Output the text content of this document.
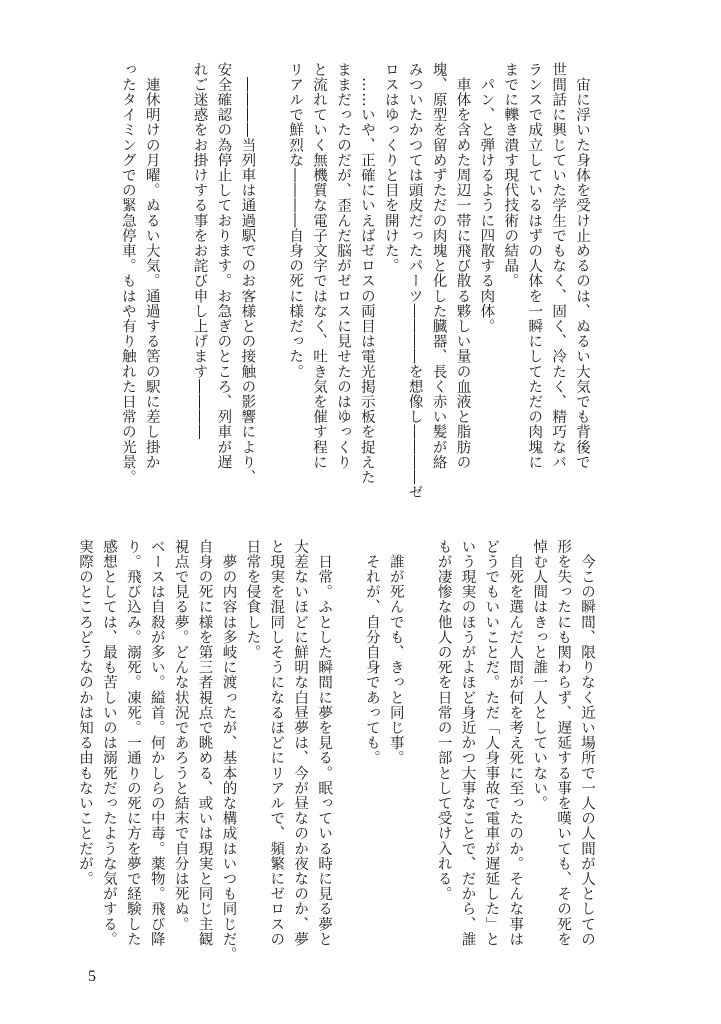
　宙に浮いた身体を受け止めるのは、ぬるい大気でも背後で
世間話に興じていた学生でもなく、固く、冷たく、精巧なバ
ランスで成立しているはずの人体を一瞬にしてただの肉塊に
までに轢き潰す現代技術の結晶。
　パン、と弾けるように四散する肉体。
　車体を含めた周辺一帯に飛び散る夥しい量の血液と脂肪の
塊、原型を留めずただの肉塊と化した臓器、長く赤い髪が絡
みついたかつては頭皮だったパーツ――――を想像し――――ゼ
ロスはゆっくりと目を開けた。
　……いや、正確にいえばゼロスの両目は電光掲示板を捉えた
ままだったのだが、歪んだ脳がゼロスに見せたのはゆっくり
と流れていく無機質な電子文字ではなく、吐き気を催す程に
リアルで鮮烈な――――自身の死に様だった。

　――――当列車は通過駅でのお客様との接触の影響により、
安全確認の為停止しております。お急ぎのところ、列車が遅
れご迷惑をお掛けする事をお詫び申し上げます――――

　連休明けの月曜。ぬるい大気。通過する筈の駅に差し掛か
ったタイミングでの緊急停車。もはや有り触れた日常の光景。
　今この瞬間、限りなく近い場所で一人の人間が人としての
形を失ったにも関わらず、遅延する事を嘆いても、その死を
悼む人間はきっと誰一人としていない。
　自死を選んだ人間が何を考え死に至ったのか。そんな事は
どうでもいいことだ。ただ「人身事故で電車が遅延した」と
いう現実のほうがよほど身近かつ大事なことで、だから、誰
もが凄惨な他人の死を日常の一部として受け入れる。

　誰が死んでも、きっと同じ事。
　それが、自分自身であっても。

　日常。ふとした瞬間に夢を見る。眠っている時に見る夢と
大差ないほどに鮮明な白昼夢は、今が昼なのか夜なのか、夢
と現実を混同しそうになるほどにリアルで、頻繁にゼロスの
日常を侵食した。
　夢の内容は多岐に渡ったが、基本的な構成はいつも同じだ。
自身の死に様を第三者視点で眺める、或いは現実と同じ主観
視点で見る夢。どんな状況であろうと結末で自分は死ぬ。
ベースは自殺が多い。縊首。何かしらの中毒。薬物。飛び降
り。飛び込み。溺死。凍死。一通りの死に方を夢で経験した
感想としては、最も苦しいのは溺死だったような気がする。
実際のところどうなのかは知る由もないことだが。
5
